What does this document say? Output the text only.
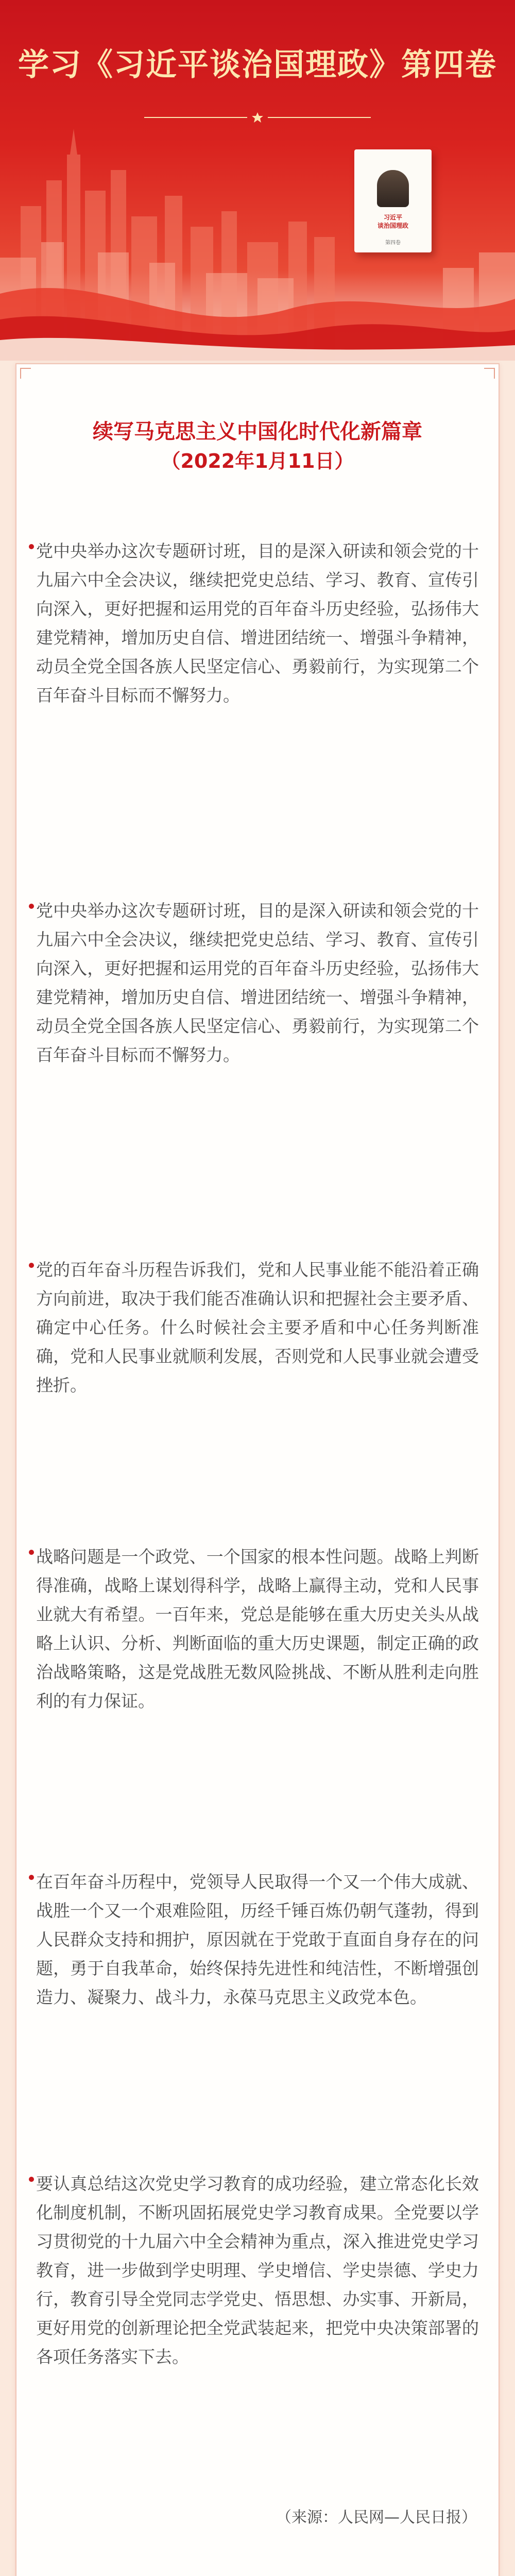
学习《习近平谈治国理政》第四卷
习近平
谈治国理政
第四卷
续写马克思主义中国化时代化新篇章
（2022年1月11日）
党中央举办这次专题研讨班，目的是深入研读和领会党的十九届六中全会决议，继续把党史总结、学习、教育、宣传引向深入，更好把握和运用党的百年奋斗历史经验，弘扬伟大建党精神，增加历史自信、增进团结统一、增强斗争精神，动员全党全国各族人民坚定信心、勇毅前行，为实现第二个百年奋斗目标而不懈努力。
党中央举办这次专题研讨班，目的是深入研读和领会党的十九届六中全会决议，继续把党史总结、学习、教育、宣传引向深入，更好把握和运用党的百年奋斗历史经验，弘扬伟大建党精神，增加历史自信、增进团结统一、增强斗争精神，动员全党全国各族人民坚定信心、勇毅前行，为实现第二个百年奋斗目标而不懈努力。
党的百年奋斗历程告诉我们，党和人民事业能不能沿着正确方向前进，取决于我们能否准确认识和把握社会主要矛盾、确定中心任务。什么时候社会主要矛盾和中心任务判断准确，党和人民事业就顺利发展，否则党和人民事业就会遭受挫折。
战略问题是一个政党、一个国家的根本性问题。战略上判断得准确，战略上谋划得科学，战略上赢得主动，党和人民事业就大有希望。一百年来，党总是能够在重大历史关头从战略上认识、分析、判断面临的重大历史课题，制定正确的政治战略策略，这是党战胜无数风险挑战、不断从胜利走向胜利的有力保证。
在百年奋斗历程中，党领导人民取得一个又一个伟大成就、战胜一个又一个艰难险阻，历经千锤百炼仍朝气蓬勃，得到人民群众支持和拥护，原因就在于党敢于直面自身存在的问题，勇于自我革命，始终保持先进性和纯洁性，不断增强创造力、凝聚力、战斗力，永葆马克思主义政党本色。
要认真总结这次党史学习教育的成功经验，建立常态化长效化制度机制，不断巩固拓展党史学习教育成果。全党要以学习贯彻党的十九届六中全会精神为重点，深入推进党史学习教育，进一步做到学史明理、学史增信、学史崇德、学史力行，教育引导全党同志学党史、悟思想、办实事、开新局，更好用党的创新理论把全党武装起来，把党中央决策部署的各项任务落实下去。
（来源：人民网—人民日报）
